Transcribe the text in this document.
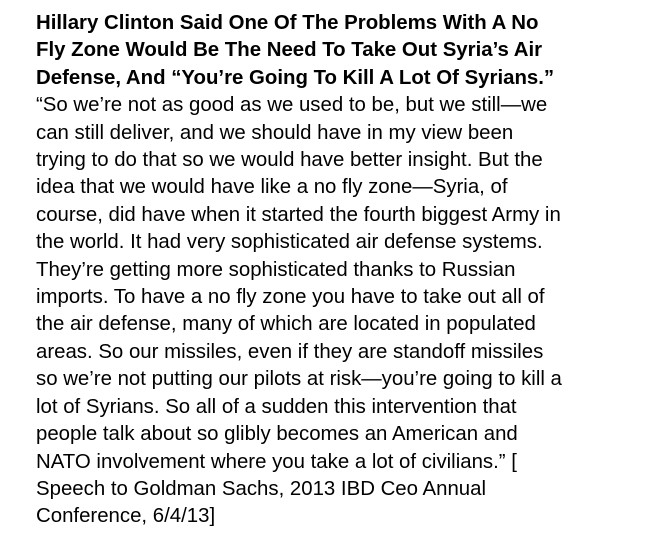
Hillary Clinton Said One Of The Problems With A No
Fly Zone Would Be The Need To Take Out Syria’s Air
Defense, And “You’re Going To Kill A Lot Of Syrians.”

“So we’re not as good as we used to be, but we still—we
can still deliver, and we should have in my view been
trying to do that so we would have better insight. But the
idea that we would have like a no fly zone—Syria, of
course, did have when it started the fourth biggest Army in
the world. It had very sophisticated air defense systems.
They’re getting more sophisticated thanks to Russian
imports. To have a no fly zone you have to take out all of
the air defense, many of which are located in populated
areas. So our missiles, even if they are standoff missiles
so we’re not putting our pilots at risk—you’re going to kill a
lot of Syrians. So all of a sudden this intervention that
people talk about so glibly becomes an American and
NATO involvement where you take a lot of civilians.” [
Speech to Goldman Sachs, 2013 IBD Ceo Annual
Conference, 6/4/13]
